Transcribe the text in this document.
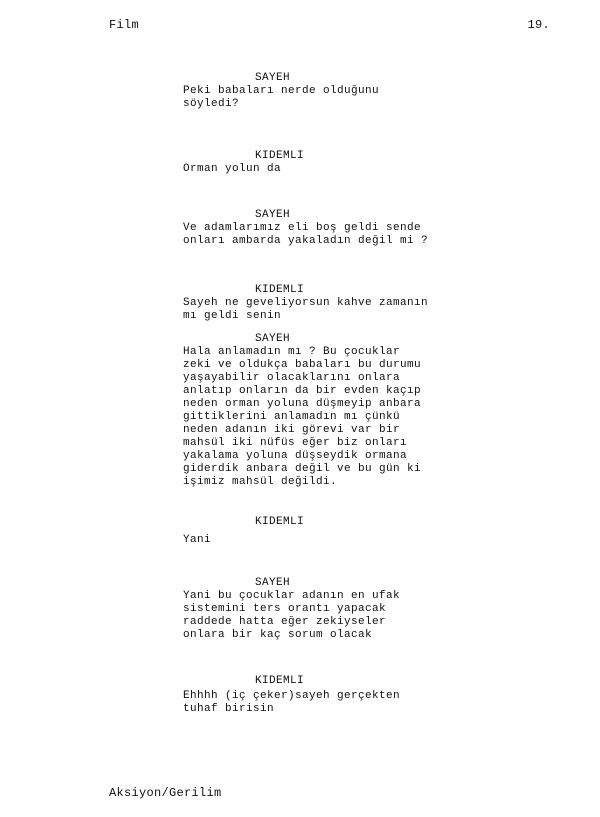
Film	19.
SAYEH
Peki babaları nerde olduğunu
söyledi?
KIDEMLI
Orman yolun da
SAYEH
Ve adamlarımız eli boş geldi sende
onları ambarda yakaladın değil mi ?
KIDEMLI
Sayeh ne geveliyorsun kahve zamanın
mı geldi senin
SAYEH
Hala anlamadın mı ? Bu çocuklar
zeki ve oldukça babaları bu durumu
yaşayabilir olacaklarını onlara
anlatıp onların da bir evden kaçıp
neden orman yoluna düşmeyip anbara
gittiklerini anlamadın mı çünkü
neden adanın iki görevi var bir
mahsül iki nüfüs eğer biz onları
yakalama yoluna düşseydik ormana
giderdik anbara değil ve bu gün ki
işimiz mahsül değildi.
KIDEMLI
Yani
SAYEH
Yani bu çocuklar adanın en ufak
sistemini ters orantı yapacak
raddede hatta eğer zekiyseler
onlara bir kaç sorum olacak
KIDEMLI
Ehhhh (iç çeker)sayeh gerçekten
tuhaf birisin
Aksiyon/Gerilim
